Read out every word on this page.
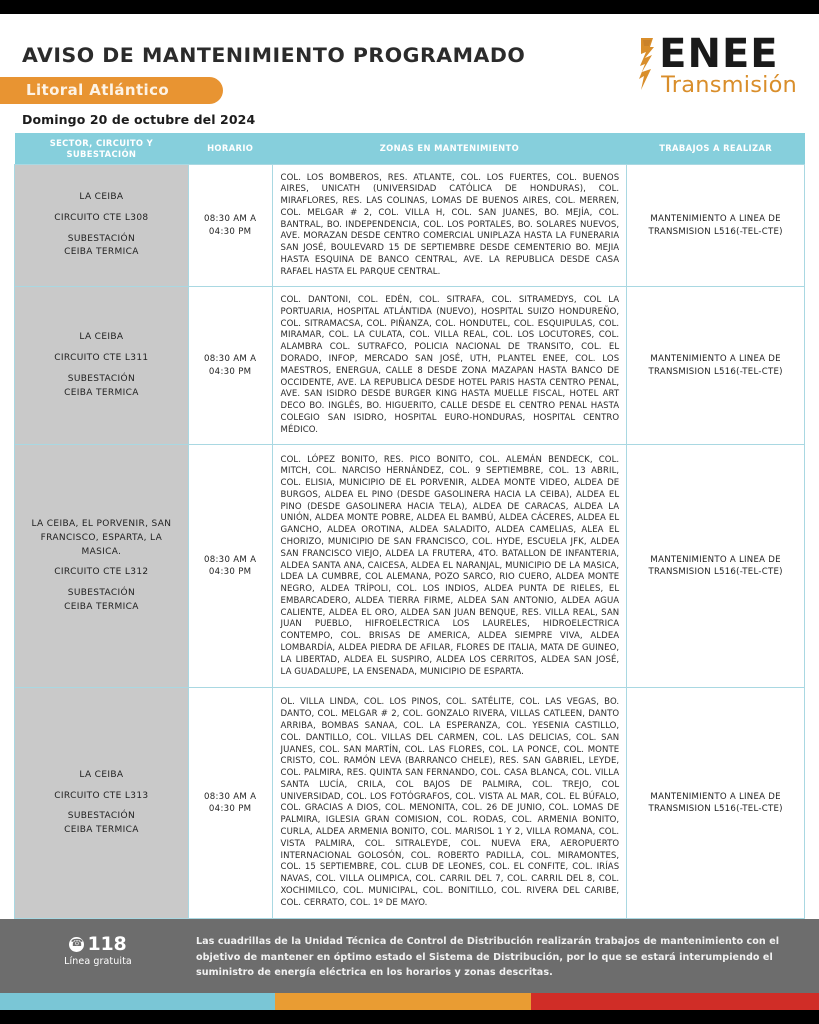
AVISO DE MANTENIMIENTO PROGRAMADO
Litoral Atlántico
Domingo 20 de octubre del 2024
ENEE
Transmisión
SECTOR, CIRCUITO Y SUBESTACIÓN	HORARIO	ZONAS EN MANTENIMIENTO	TRABAJOS A REALIZAR

LA CEIBA
CIRCUITO CTE L308
SUBESTACIÓN
CEIBA TERMICA
	08:30 AM A 04:30 PM	COL. LOS BOMBEROS, RES. ATLANTE, COL. LOS FUERTES, COL. BUENOS AIRES, UNICATH (UNIVERSIDAD CATÓLICA DE HONDURAS), COL. MIRAFLORES, RES. LAS COLINAS, LOMAS DE BUENOS AIRES, COL. MERREN, COL. MELGAR # 2, COL. VILLA H, COL. SAN JUANES, BO. MEJÍA, COL. BANTRAL, BO. INDEPENDENCIA, COL. LOS PORTALES, BO. SOLARES NUEVOS, AVE. MORAZAN DESDE CENTRO COMERCIAL UNIPLAZA HASTA LA FUNERARIA SAN JOSÉ, BOULEVARD 15 DE SEPTIEMBRE DESDE CEMENTERIO BO. MEJIA HASTA ESQUINA DE BANCO CENTRAL, AVE. LA REPUBLICA DESDE CASA RAFAEL HASTA EL PARQUE CENTRAL.	MANTENIMIENTO A LINEA DE TRANSMISION L516(-TEL-CTE)

LA CEIBA
CIRCUITO CTE L311
SUBESTACIÓN
CEIBA TERMICA
	08:30 AM A 04:30 PM	COL. DANTONI, COL. EDÉN, COL. SITRAFA, COL. SITRAMEDYS, COL LA PORTUARIA, HOSPITAL ATLÁNTIDA (NUEVO), HOSPITAL SUIZO HONDUREÑO, COL. SITRAMACSA, COL. PIÑANZA, COL. HONDUTEL, COL. ESQUIPULAS, COL. MIRAMAR, COL. LA CULATA, COL. VILLA REAL, COL. LOS LOCUTORES, COL. ALAMBRA COL. SUTRAFCO, POLICIA NACIONAL DE TRANSITO, COL. EL DORADO, INFOP, MERCADO SAN JOSÉ, UTH, PLANTEL ENEE, COL. LOS MAESTROS, ENERGUA, CALLE 8 DESDE ZONA MAZAPAN HASTA BANCO DE OCCIDENTE, AVE. LA REPUBLICA DESDE HOTEL PARIS HASTA CENTRO PENAL, AVE. SAN ISIDRO DESDE BURGER KING HASTA MUELLE FISCAL, HOTEL ART DECO BO. INGLÉS, BO. HIGUERITO, CALLE DESDE EL CENTRO PENAL HASTA COLEGIO SAN ISIDRO, HOSPITAL EURO-HONDURAS, HOSPITAL CENTRO MÉDICO.	MANTENIMIENTO A LINEA DE TRANSMISION L516(-TEL-CTE)

LA CEIBA, EL PORVENIR, SAN FRANCISCO, ESPARTA, LA MASICA.
CIRCUITO CTE L312
SUBESTACIÓN
CEIBA TERMICA
	08:30 AM A 04:30 PM	COL. LÓPEZ BONITO, RES. PICO BONITO, COL. ALEMÁN BENDECK, COL. MITCH, COL. NARCISO HERNÁNDEZ, COL. 9 SEPTIEMBRE, COL. 13 ABRIL, COL. ELISIA, MUNICIPIO DE EL PORVENIR, ALDEA MONTE VIDEO, ALDEA DE BURGOS, ALDEA EL PINO (DESDE GASOLINERA HACIA LA CEIBA), ALDEA EL PINO (DESDE GASOLINERA HACIA TELA), ALDEA DE CARACAS, ALDEA LA UNIÓN, ALDEA MONTE POBRE, ALDEA EL BAMBÚ, ALDEA CÁCERES, ALDEA EL GANCHO, ALDEA OROTINA, ALDEA SALADITO, ALDEA CAMELIAS, ALEA EL CHORIZO, MUNICIPIO DE SAN FRANCISCO, COL. HYDE, ESCUELA JFK, ALDEA SAN FRANCISCO VIEJO, ALDEA LA FRUTERA, 4TO. BATALLON DE INFANTERIA, ALDEA SANTA ANA, CAICESA, ALDEA EL NARANJAL, MUNICIPIO DE LA MASICA, LDEA LA CUMBRE, COL ALEMANA, POZO SARCO, RIO CUERO, ALDEA MONTE NEGRO, ALDEA TRÍPOLI, COL. LOS INDIOS, ALDEA PUNTA DE RIELES, EL EMBARCADERO, ALDEA TIERRA FIRME, ALDEA SAN ANTONIO, ALDEA AGUA CALIENTE, ALDEA EL ORO, ALDEA SAN JUAN BENQUE, RES. VILLA REAL, SAN JUAN PUEBLO, HIFROELECTRICA LOS LAURELES, HIDROELECTRICA CONTEMPO, COL. BRISAS DE AMERICA, ALDEA SIEMPRE VIVA, ALDEA LOMBARDÍA, ALDEA PIEDRA DE AFILAR, FLORES DE ITALIA, MATA DE GUINEO, LA LIBERTAD, ALDEA EL SUSPIRO, ALDEA LOS CERRITOS, ALDEA SAN JOSÉ, LA GUADALUPE, LA ENSENADA, MUNICIPIO DE ESPARTA.	MANTENIMIENTO A LINEA DE TRANSMISION L516(-TEL-CTE)

LA CEIBA
CIRCUITO CTE L313
SUBESTACIÓN
CEIBA TERMICA
	08:30 AM A 04:30 PM	OL. VILLA LINDA, COL. LOS PINOS, COL. SATÉLITE, COL. LAS VEGAS, BO. DANTO, COL. MELGAR # 2, COL. GONZALO RIVERA, VILLAS CATLEEN, DANTO ARRIBA, BOMBAS SANAA, COL. LA ESPERANZA, COL. YESENIA CASTILLO, COL. DANTILLO, COL. VILLAS DEL CARMEN, COL. LAS DELICIAS, COL. SAN JUANES, COL. SAN MARTÍN, COL. LAS FLORES, COL. LA PONCE, COL. MONTE CRISTO, COL. RAMÓN LEVA (BARRANCO CHELE), RES. SAN GABRIEL, LEYDE, COL. PALMIRA, RES. QUINTA SAN FERNANDO, COL. CASA BLANCA, COL. VILLA SANTA LUCÍA, CRILA, COL BAJOS DE PALMIRA, COL. TREJO, COL UNIVERSIDAD, COL. LOS FOTÓGRAFOS, COL. VISTA AL MAR, COL. EL BÚFALO, COL. GRACIAS A DIOS, COL. MENONITA, COL. 26 DE JUNIO, COL. LOMAS DE PALMIRA, IGLESIA GRAN COMISION, COL. RODAS, COL. ARMENIA BONITO, CURLA, ALDEA ARMENIA BONITO, COL. MARISOL 1 Y 2, VILLA ROMANA, COL. VISTA PALMIRA, COL. SITRALEYDE, COL. NUEVA ERA, AEROPUERTO INTERNACIONAL GOLOSÓN, COL. ROBERTO PADILLA, COL. MIRAMONTES, COL. 15 SEPTIEMBRE, COL. CLUB DE LEONES, COL. EL CONFITE, COL. IRÍAS NAVAS, COL. VILLA OLIMPICA, COL. CARRIL DEL 7, COL. CARRIL DEL 8, COL. XOCHIMILCO, COL. MUNICIPAL, COL. BONITILLO, COL. RIVERA DEL CARIBE, COL. CERRATO, COL. 1º DE MAYO.	MANTENIMIENTO A LINEA DE TRANSMISION L516(-TEL-CTE)
☎ 118
Línea gratuita
Las cuadrillas de la Unidad Técnica de Control de Distribución realizarán trabajos de mantenimiento con el objetivo de mantener en óptimo estado el Sistema de Distribución, por lo que se estará interumpiendo el suministro de energía eléctrica en los horarios y zonas descritas.
